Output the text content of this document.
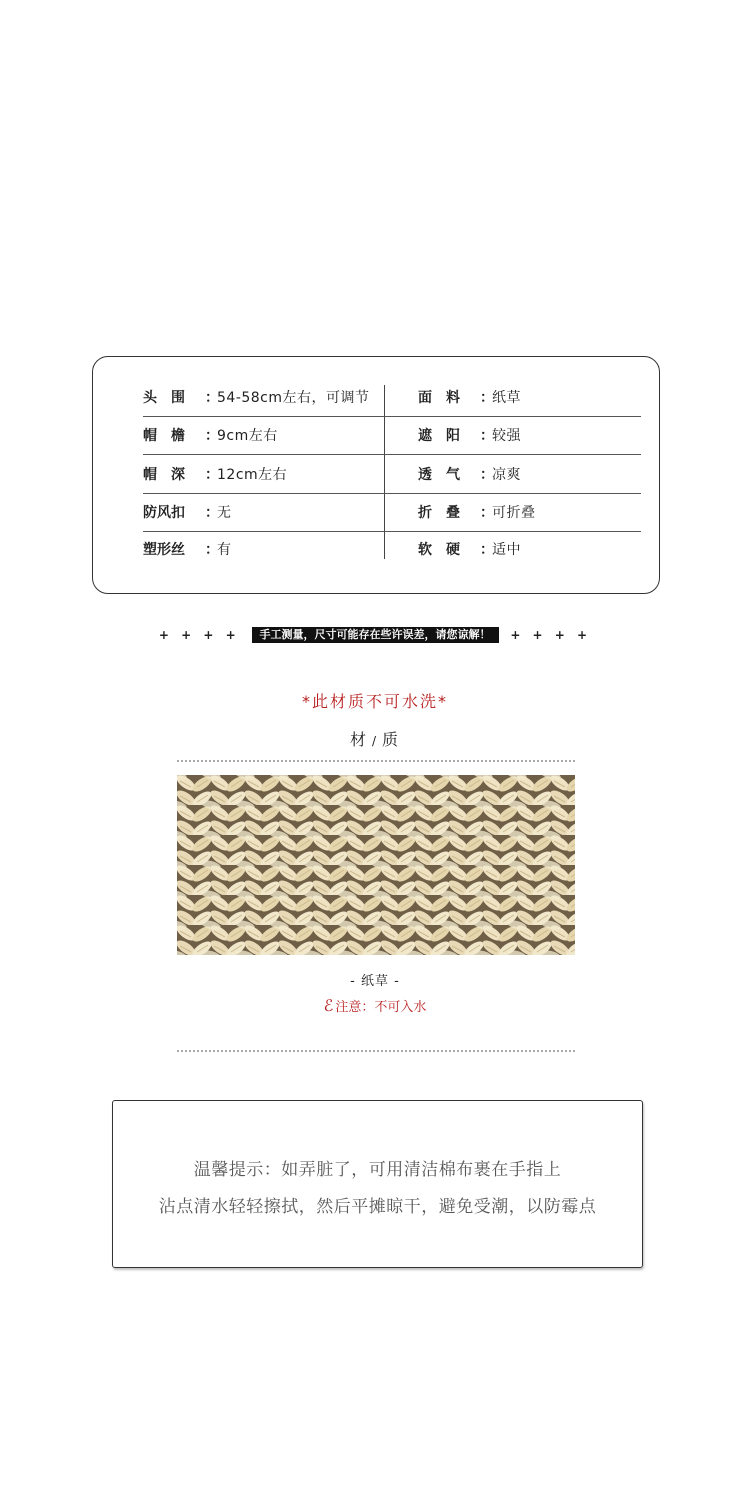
头　围 ：54-58cm左右，可调节	面　料 ：纸草
帽　檐 ：9cm左右	遮　阳 ：较强
帽　深 ：12cm左右	透　气 ：凉爽
防风扣 ：无	折　叠 ：可折叠
塑形丝 ：有	软　硬 ：适中
+ + + + 手工测量，尺寸可能存在些许误差，请您谅解！ + + + +
*此材质不可水洗*
材 / 质
- 纸草 -
ℰ 注意：不可入水
温馨提示：如弄脏了，可用清洁棉布裹在手指上
沾点清水轻轻擦拭，然后平摊晾干，避免受潮，以防霉点
